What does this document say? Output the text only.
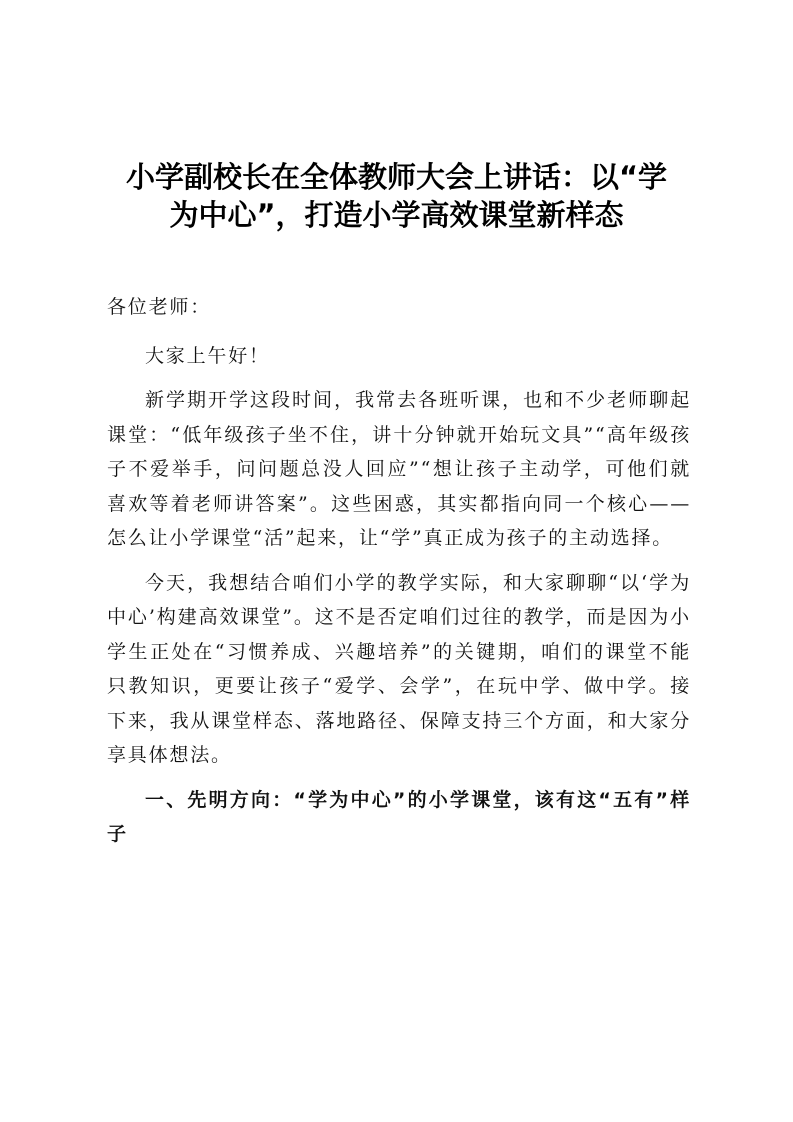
小学副校长在全体教师大会上讲话：以“学
为中心”，打造小学高效课堂新样态

各位老师：

大家上午好！

新学期开学这段时间，我常去各班听课，也和不少老师聊起课堂：“低年级孩子坐不住，讲十分钟就开始玩文具”“高年级孩子不爱举手，问问题总没人回应”“想让孩子主动学，可他们就喜欢等着老师讲答案”。这些困惑，其实都指向同一个核心——怎么让小学课堂“活”起来，让“学”真正成为孩子的主动选择。

今天，我想结合咱们小学的教学实际，和大家聊聊“以‘学为中心’构建高效课堂”。这不是否定咱们过往的教学，而是因为小学生正处在“习惯养成、兴趣培养”的关键期，咱们的课堂不能只教知识，更要让孩子“爱学、会学”，在玩中学、做中学。接下来，我从课堂样态、落地路径、保障支持三个方面，和大家分享具体想法。

一、先明方向：“学为中心”的小学课堂，该有这“五有”样子
